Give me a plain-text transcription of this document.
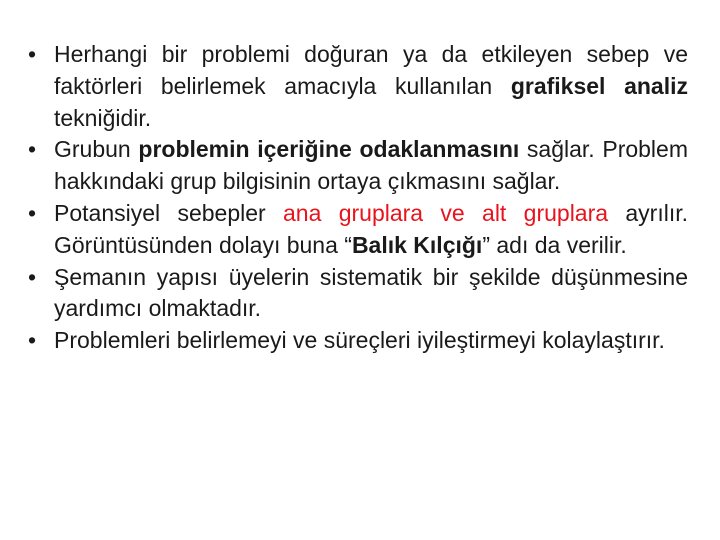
• Herhangi bir problemi doğuran ya da etkileyen sebep ve faktörleri belirlemek amacıyla kullanılan grafiksel analiz tekniğidir.
• Grubun problemin içeriğine odaklanmasını sağlar. Problem hakkındaki grup bilgisinin ortaya çıkmasını sağlar.
• Potansiyel sebepler ana gruplara ve alt gruplara ayrılır. Görüntüsünden dolayı buna “Balık Kılçığı” adı da verilir.
• Şemanın yapısı üyelerin sistematik bir şekilde düşünmesine yardımcı olmaktadır.
• Problemleri belirlemeyi ve süreçleri iyileştirmeyi kolaylaştırır.
